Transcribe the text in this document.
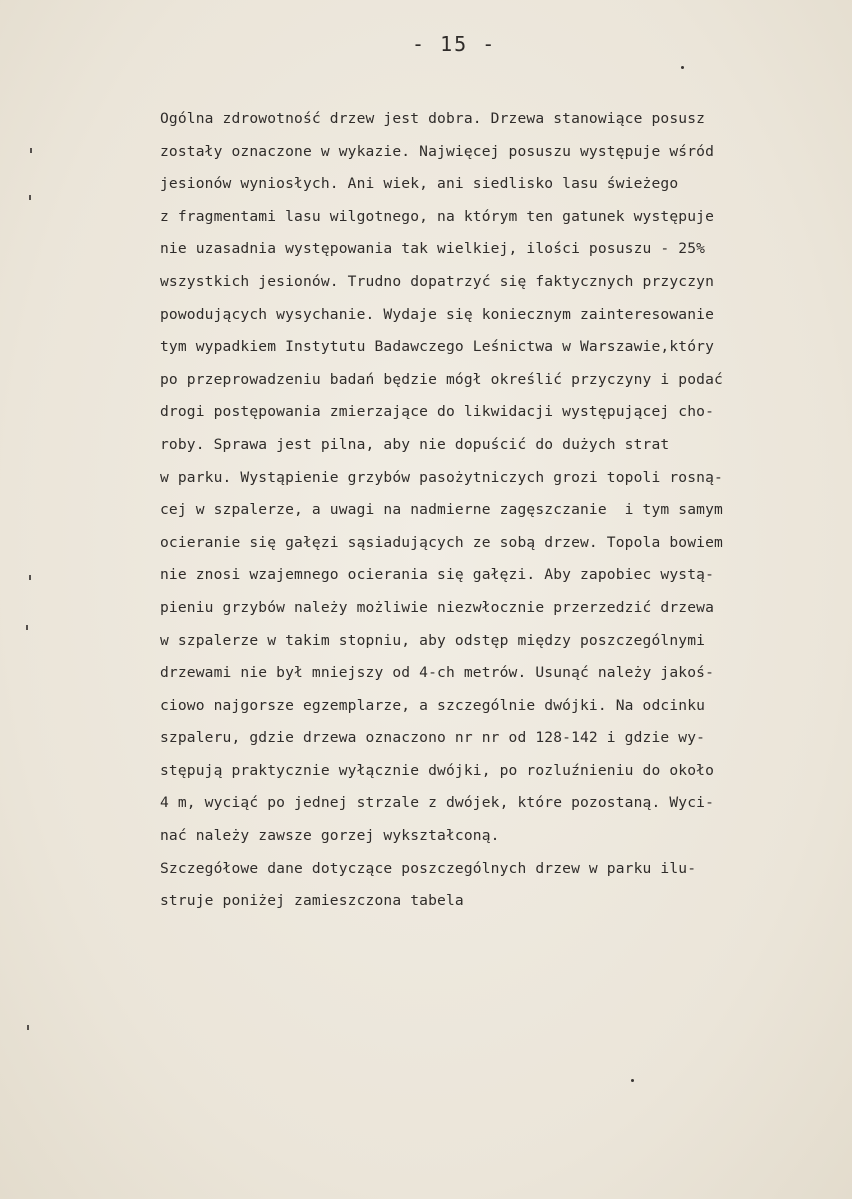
- 15 -
Ogólna zdrowotność drzew jest dobra. Drzewa stanowiące posusz
zostały oznaczone w wykazie. Najwięcej posuszu występuje wśród
jesionów wyniosłych. Ani wiek, ani siedlisko lasu świeżego
z fragmentami lasu wilgotnego, na którym ten gatunek występuje
nie uzasadnia występowania tak wielkiej, ilości posuszu - 25%
wszystkich jesionów. Trudno dopatrzyć się faktycznych przyczyn
powodujących wysychanie. Wydaje się koniecznym zainteresowanie
tym wypadkiem Instytutu Badawczego Leśnictwa w Warszawie,który
po przeprowadzeniu badań będzie mógł określić przyczyny i podać
drogi postępowania zmierzające do likwidacji występującej cho-
roby. Sprawa jest pilna, aby nie dopuścić do dużych strat
w parku. Wystąpienie grzybów pasożytniczych grozi topoli rosną-
cej w szpalerze, a uwagi na nadmierne zagęszczanie  i tym samym
ocieranie się gałęzi sąsiadujących ze sobą drzew. Topola bowiem
nie znosi wzajemnego ocierania się gałęzi. Aby zapobiec wystą-
pieniu grzybów należy możliwie niezwłocznie przerzedzić drzewa
w szpalerze w takim stopniu, aby odstęp między poszczególnymi
drzewami nie był mniejszy od 4-ch metrów. Usunąć należy jakoś-
ciowo najgorsze egzemplarze, a szczególnie dwójki. Na odcinku
szpaleru, gdzie drzewa oznaczono nr nr od 128-142 i gdzie wy-
stępują praktycznie wyłącznie dwójki, po rozluźnieniu do około
4 m, wyciąć po jednej strzale z dwójek, które pozostaną. Wyci-
nać należy zawsze gorzej wykształconą.
Szczegółowe dane dotyczące poszczególnych drzew w parku ilu-
struje poniżej zamieszczona tabela
